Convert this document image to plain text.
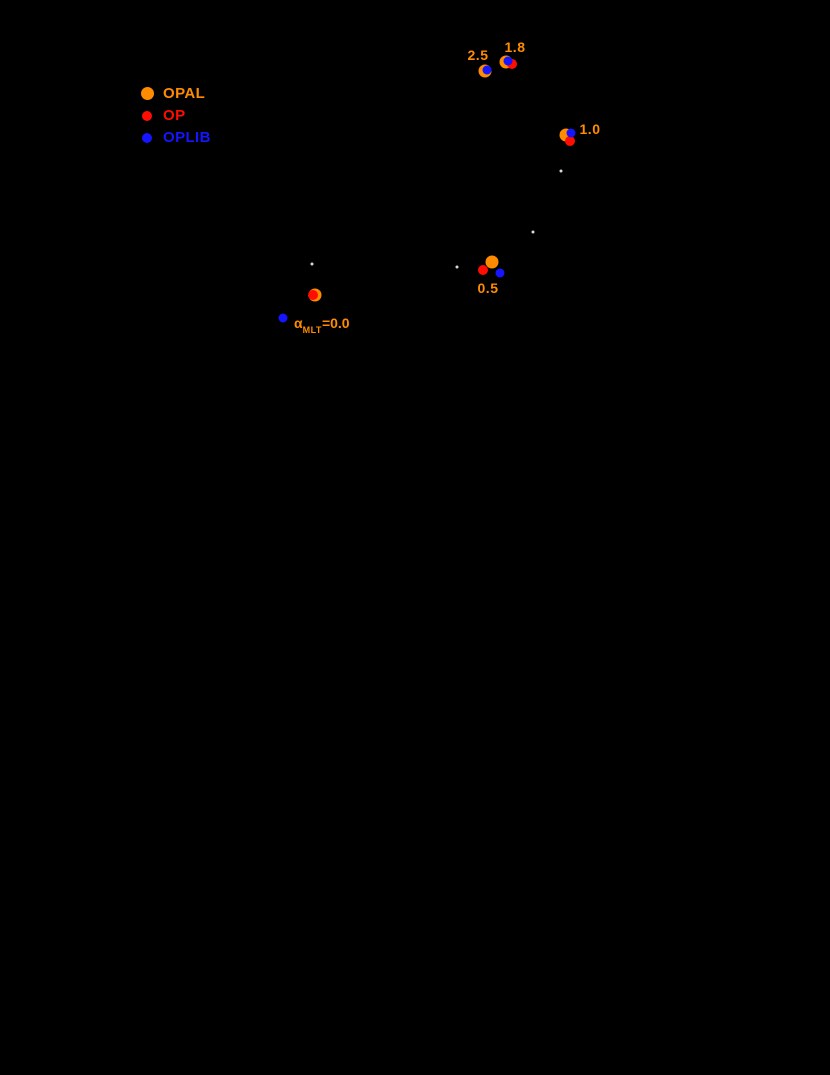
OPAL
OP
OPLIB
2.5 1.8
1.0
0.5
$\alpha_{MLT}=0.0$
